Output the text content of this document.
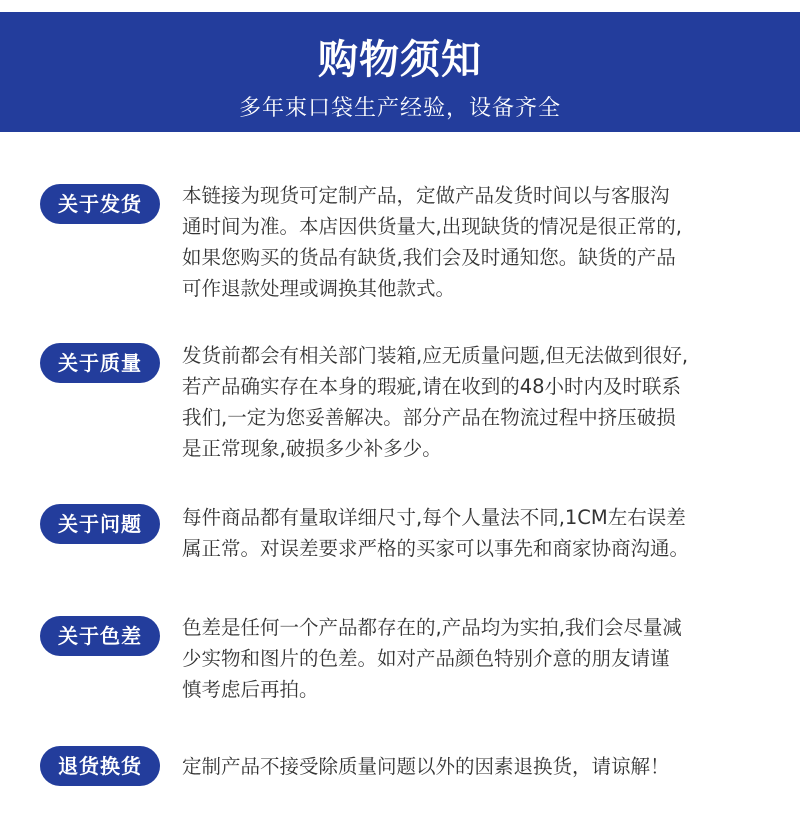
购物须知
多年束口袋生产经验，设备齐全
关于发货	本链接为现货可定制产品，定做产品发货时间以与客服沟
通时间为准。本店因供货量大,出现缺货的情况是很正常的,
如果您购买的货品有缺货,我们会及时通知您。缺货的产品
可作退款处理或调换其他款式。
关于质量	发货前都会有相关部门装箱,应无质量问题,但无法做到很好,
若产品确实存在本身的瑕疵,请在收到的48小时内及时联系
我们,一定为您妥善解决。部分产品在物流过程中挤压破损
是正常现象,破损多少补多少。
关于问题	每件商品都有量取详细尺寸,每个人量法不同,1CM左右误差
属正常。对误差要求严格的买家可以事先和商家协商沟通。
关于色差	色差是任何一个产品都存在的,产品均为实拍,我们会尽量减
少实物和图片的色差。如对产品颜色特别介意的朋友请谨
慎考虑后再拍。
退货换货	定制产品不接受除质量问题以外的因素退换货，请谅解！
